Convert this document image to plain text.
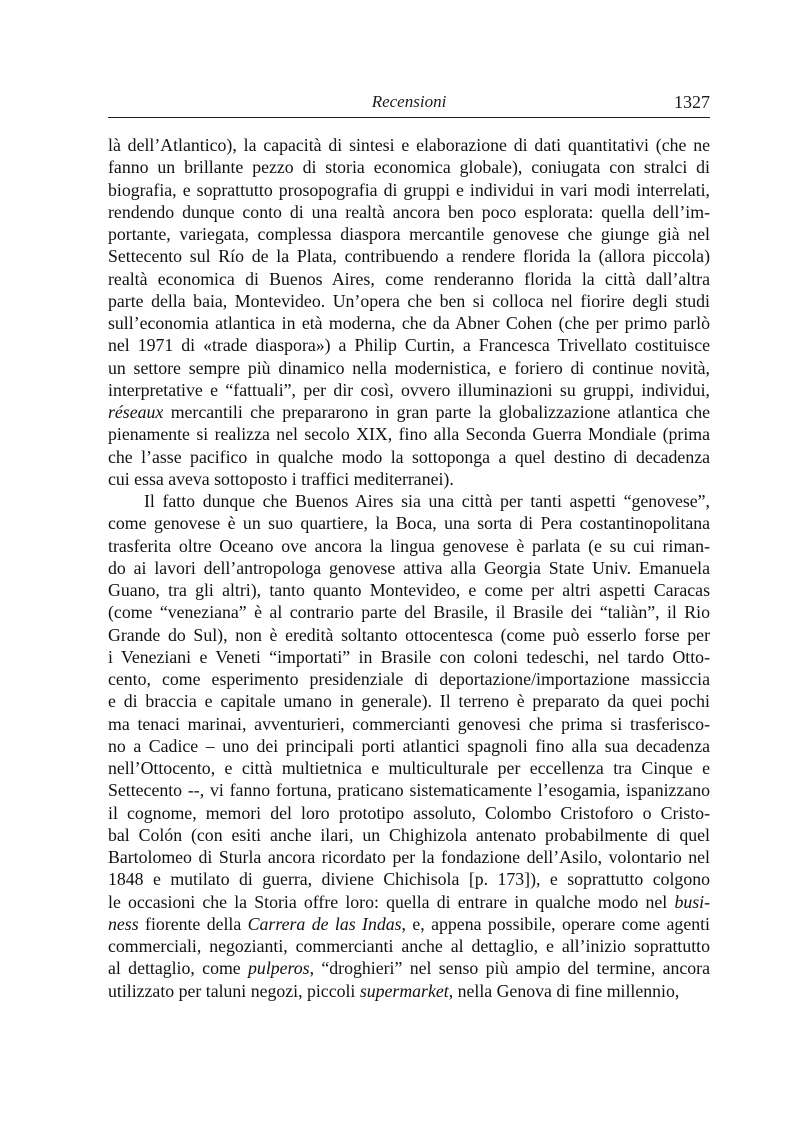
Recensioni	1327
là dell’Atlantico), la capacità di sintesi e elaborazione di dati quantitativi (che ne
fanno un brillante pezzo di storia economica globale), coniugata con stralci di
biografia, e soprattutto prosopografia di gruppi e individui in vari modi interrelati,
rendendo dunque conto di una realtà ancora ben poco esplorata: quella dell’im-
portante, variegata, complessa diaspora mercantile genovese che giunge già nel
Settecento sul Río de la Plata, contribuendo a rendere florida la (allora piccola)
realtà economica di Buenos Aires, come renderanno florida la città dall’altra
parte della baia, Montevideo. Un’opera che ben si colloca nel fiorire degli studi
sull’economia atlantica in età moderna, che da Abner Cohen (che per primo parlò
nel 1971 di «trade diaspora») a Philip Curtin, a Francesca Trivellato costituisce
un settore sempre più dinamico nella modernistica, e foriero di continue novità,
interpretative e “fattuali”, per dir così, ovvero illuminazioni su gruppi, individui,
réseaux mercantili che prepararono in gran parte la globalizzazione atlantica che
pienamente si realizza nel secolo XIX, fino alla Seconda Guerra Mondiale (prima
che l’asse pacifico in qualche modo la sottoponga a quel destino di decadenza
cui essa aveva sottoposto i traffici mediterranei).
Il fatto dunque che Buenos Aires sia una città per tanti aspetti “genovese”,
come genovese è un suo quartiere, la Boca, una sorta di Pera costantinopolitana
trasferita oltre Oceano ove ancora la lingua genovese è parlata (e su cui riman-
do ai lavori dell’antropologa genovese attiva alla Georgia State Univ. Emanuela
Guano, tra gli altri), tanto quanto Montevideo, e come per altri aspetti Caracas
(come “veneziana” è al contrario parte del Brasile, il Brasile dei “taliàn”, il Rio
Grande do Sul), non è eredità soltanto ottocentesca (come può esserlo forse per
i Veneziani e Veneti “importati” in Brasile con coloni tedeschi, nel tardo Otto-
cento, come esperimento presidenziale di deportazione/importazione massiccia
e di braccia e capitale umano in generale). Il terreno è preparato da quei pochi
ma tenaci marinai, avventurieri, commercianti genovesi che prima si trasferisco-
no a Cadice – uno dei principali porti atlantici spagnoli fino alla sua decadenza
nell’Ottocento, e città multietnica e multiculturale per eccellenza tra Cinque e
Settecento --, vi fanno fortuna, praticano sistematicamente l’esogamia, ispanizzano
il cognome, memori del loro prototipo assoluto, Colombo Cristoforo o Cristo-
bal Colón (con esiti anche ilari, un Chighizola antenato probabilmente di quel
Bartolomeo di Sturla ancora ricordato per la fondazione dell’Asilo, volontario nel
1848 e mutilato di guerra, diviene Chichisola [p. 173]), e soprattutto colgono
le occasioni che la Storia offre loro: quella di entrare in qualche modo nel busi-
ness fiorente della Carrera de las Indas, e, appena possibile, operare come agenti
commerciali, negozianti, commercianti anche al dettaglio, e all’inizio soprattutto
al dettaglio, come pulperos, “droghieri” nel senso più ampio del termine, ancora
utilizzato per taluni negozi, piccoli supermarket, nella Genova di fine millennio,
